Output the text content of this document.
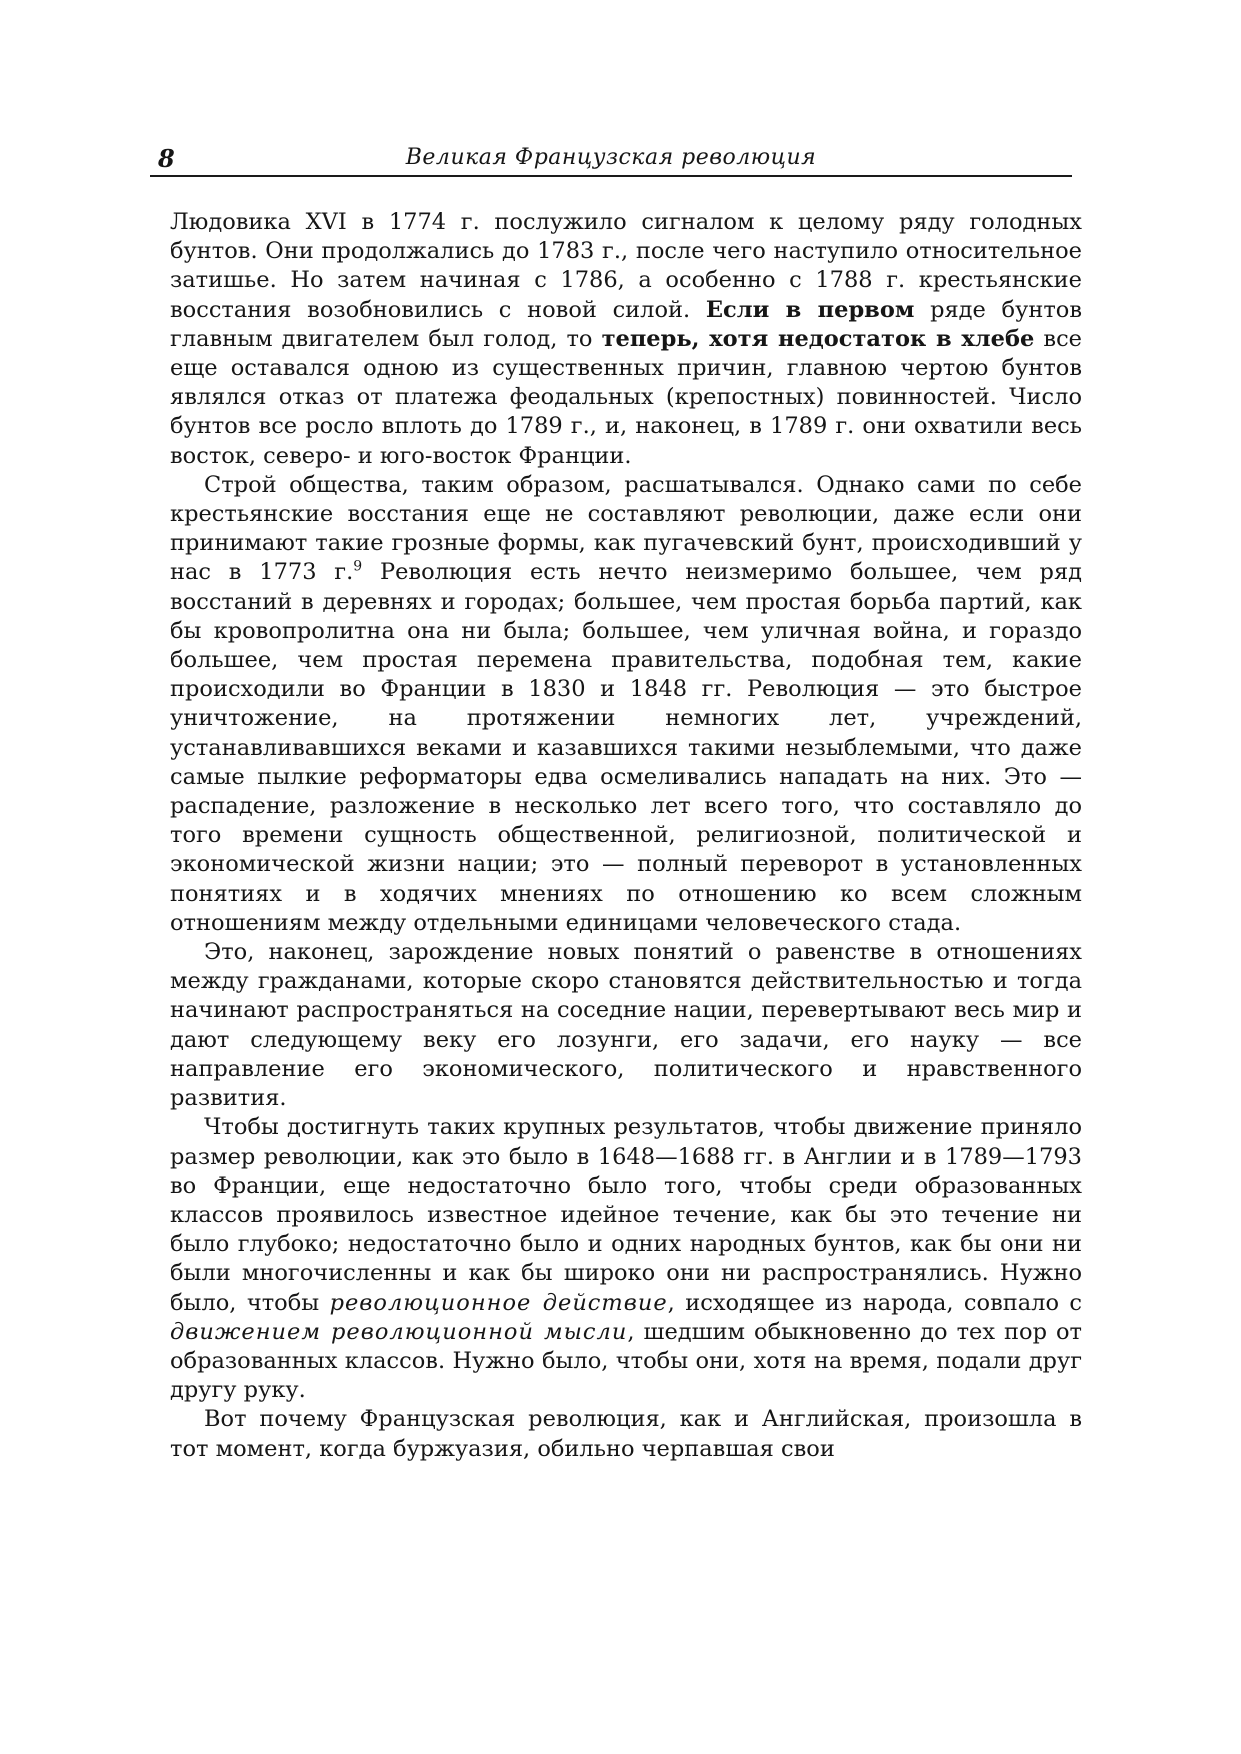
8	Великая Французская революция

Людовика XVI в 1774 г. послужило сигналом к целому ряду голодных бунтов. Они продолжались до 1783 г., после чего наступило относительное затишье. Но затем начиная с 1786, а особенно с 1788 г. крестьянские восстания возобновились с новой силой. Если в первом ряде бунтов главным двигателем был голод, то теперь, хотя недостаток в хлебе все еще оставался одною из существенных причин, главною чертою бунтов являлся отказ от платежа феодальных (крепостных) повинностей. Число бунтов все росло вплоть до 1789 г., и, наконец, в 1789 г. они охватили весь восток, северо- и юго-восток Франции.

Строй общества, таким образом, расшатывался. Однако сами по себе крестьянские восстания еще не составляют революции, даже если они принимают такие грозные формы, как пугачевский бунт, происходивший у нас в 1773 г.$^9$ Революция есть нечто неизмеримо большее, чем ряд восстаний в деревнях и городах; большее, чем простая борьба партий, как бы кровопролитна она ни была; большее, чем уличная война, и гораздо большее, чем простая перемена правительства, подобная тем, какие происходили во Франции в 1830 и 1848 гг. Революция — это быстрое уничтожение, на протяжении немногих лет, учреждений, устанавливавшихся веками и казавшихся такими незыблемыми, что даже самые пылкие реформаторы едва осмеливались нападать на них. Это — распадение, разложение в несколько лет всего того, что составляло до того времени сущность общественной, религиозной, политической и экономической жизни нации; это — полный переворот в установленных понятиях и в ходячих мнениях по отношению ко всем сложным отношениям между отдельными единицами человеческого стада.

Это, наконец, зарождение новых понятий о равенстве в отношениях между гражданами, которые скоро становятся действительностью и тогда начинают распространяться на соседние нации, перевертывают весь мир и дают следующему веку его лозунги, его задачи, его науку — все направление его экономического, политического и нравственного развития.

Чтобы достигнуть таких крупных результатов, чтобы движение приняло размер революции, как это было в 1648—1688 гг. в Англии и в 1789—1793 во Франции, еще недостаточно было того, чтобы среди образованных классов проявилось известное идейное течение, как бы это течение ни было глубоко; недостаточно было и одних народных бунтов, как бы они ни были многочисленны и как бы широко они ни распространялись. Нужно было, чтобы революционное действие, исходящее из народа, совпало с движением революционной мысли, шедшим обыкновенно до тех пор от образованных классов. Нужно было, чтобы они, хотя на время, подали друг другу руку.

Вот почему Французская революция, как и Английская, произошла в тот момент, когда буржуазия, обильно черпавшая свои
